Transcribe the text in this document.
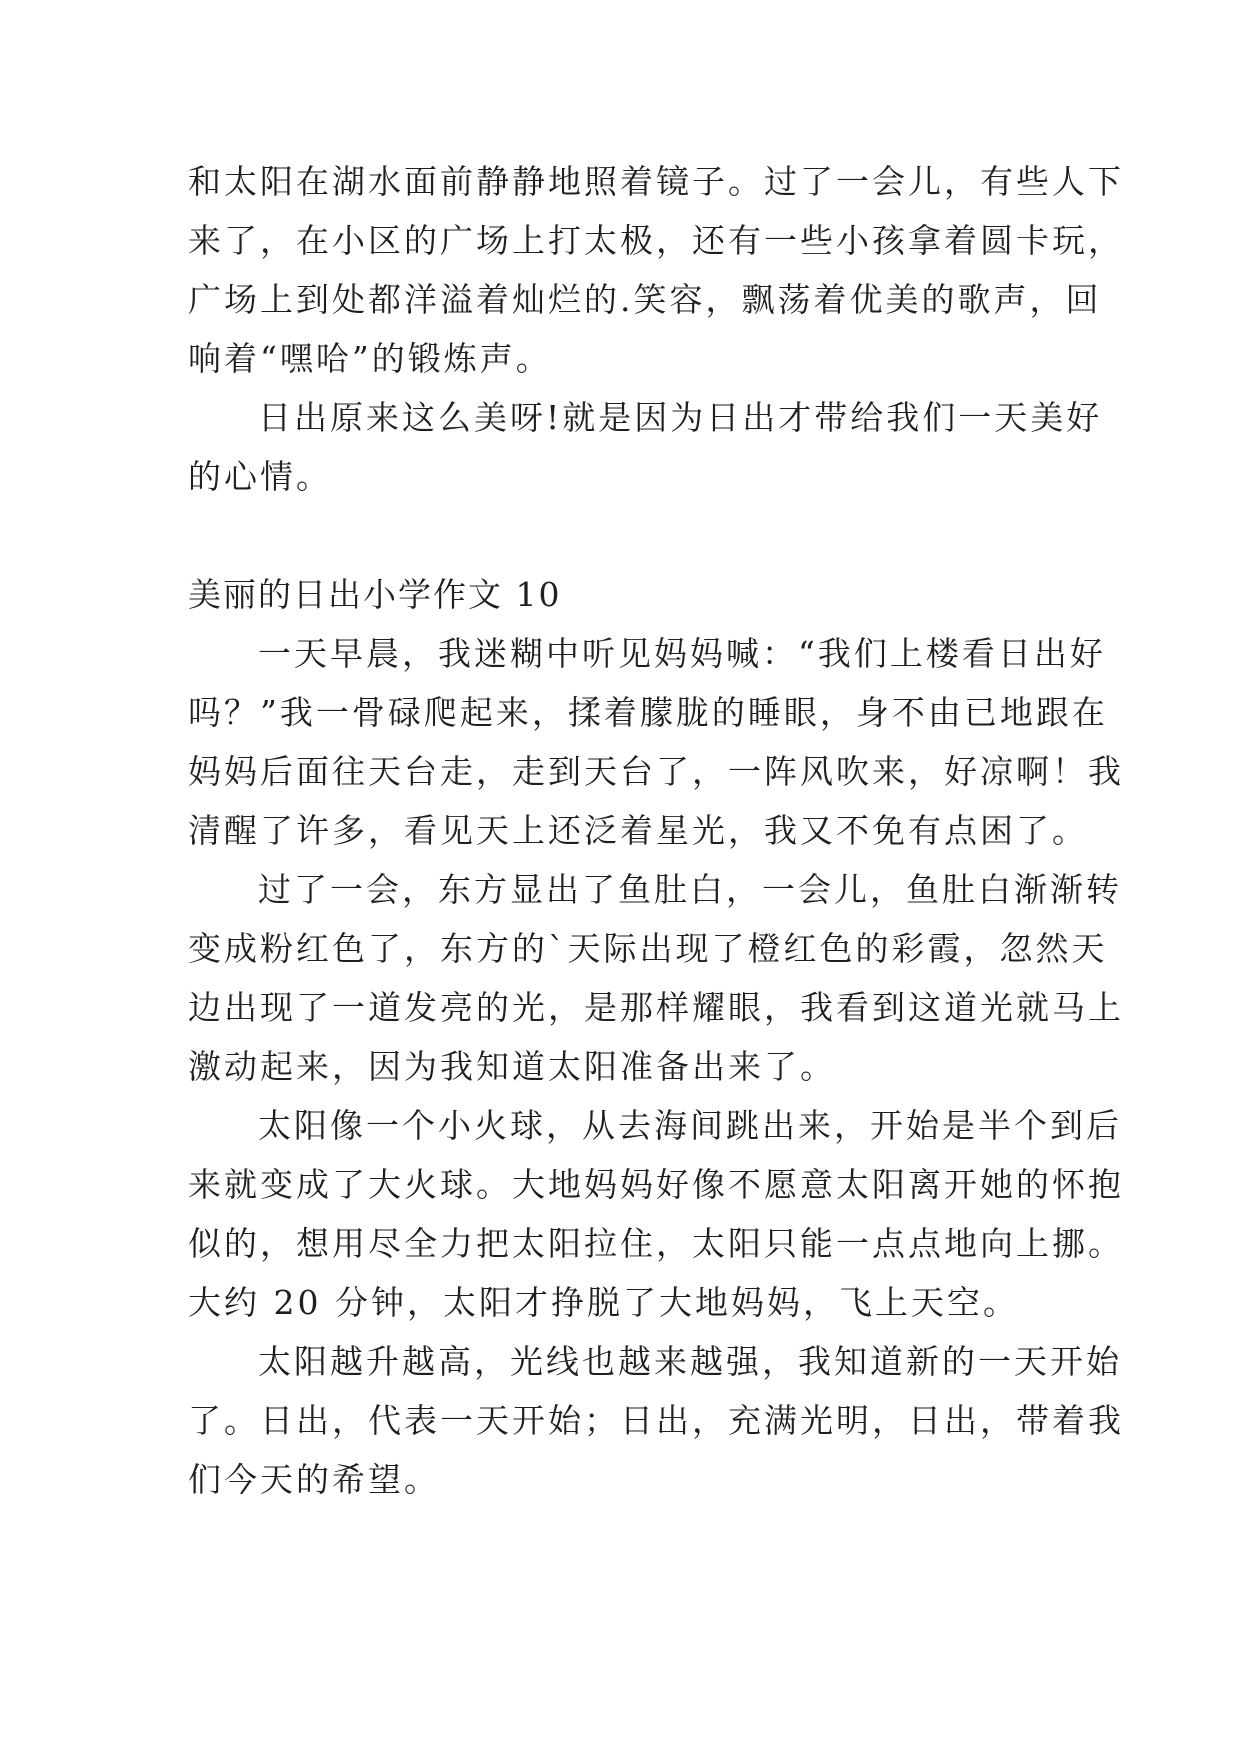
和太阳在湖水面前静静地照着镜子。过了一会儿，有些人下
来了，在小区的广场上打太极，还有一些小孩拿着圆卡玩，
广场上到处都洋溢着灿烂的.笑容，飘荡着优美的歌声，回
响着“嘿哈”的锻炼声。

日出原来这么美呀!就是因为日出才带给我们一天美好
的心情。

美丽的日出小学作文 10

一天早晨，我迷糊中听见妈妈喊：“我们上楼看日出好
吗？”我一骨碌爬起来，揉着朦胧的睡眼，身不由已地跟在
妈妈后面往天台走，走到天台了，一阵风吹来，好凉啊！我
清醒了许多，看见天上还泛着星光，我又不免有点困了。

过了一会，东方显出了鱼肚白，一会儿，鱼肚白渐渐转
变成粉红色了，东方的`天际出现了橙红色的彩霞，忽然天
边出现了一道发亮的光，是那样耀眼，我看到这道光就马上
激动起来，因为我知道太阳准备出来了。

太阳像一个小火球，从去海间跳出来，开始是半个到后
来就变成了大火球。大地妈妈好像不愿意太阳离开她的怀抱
似的，想用尽全力把太阳拉住，太阳只能一点点地向上挪。
大约 20 分钟，太阳才挣脱了大地妈妈，飞上天空。

太阳越升越高，光线也越来越强，我知道新的一天开始
了。日出，代表一天开始；日出，充满光明，日出，带着我
们今天的希望。
